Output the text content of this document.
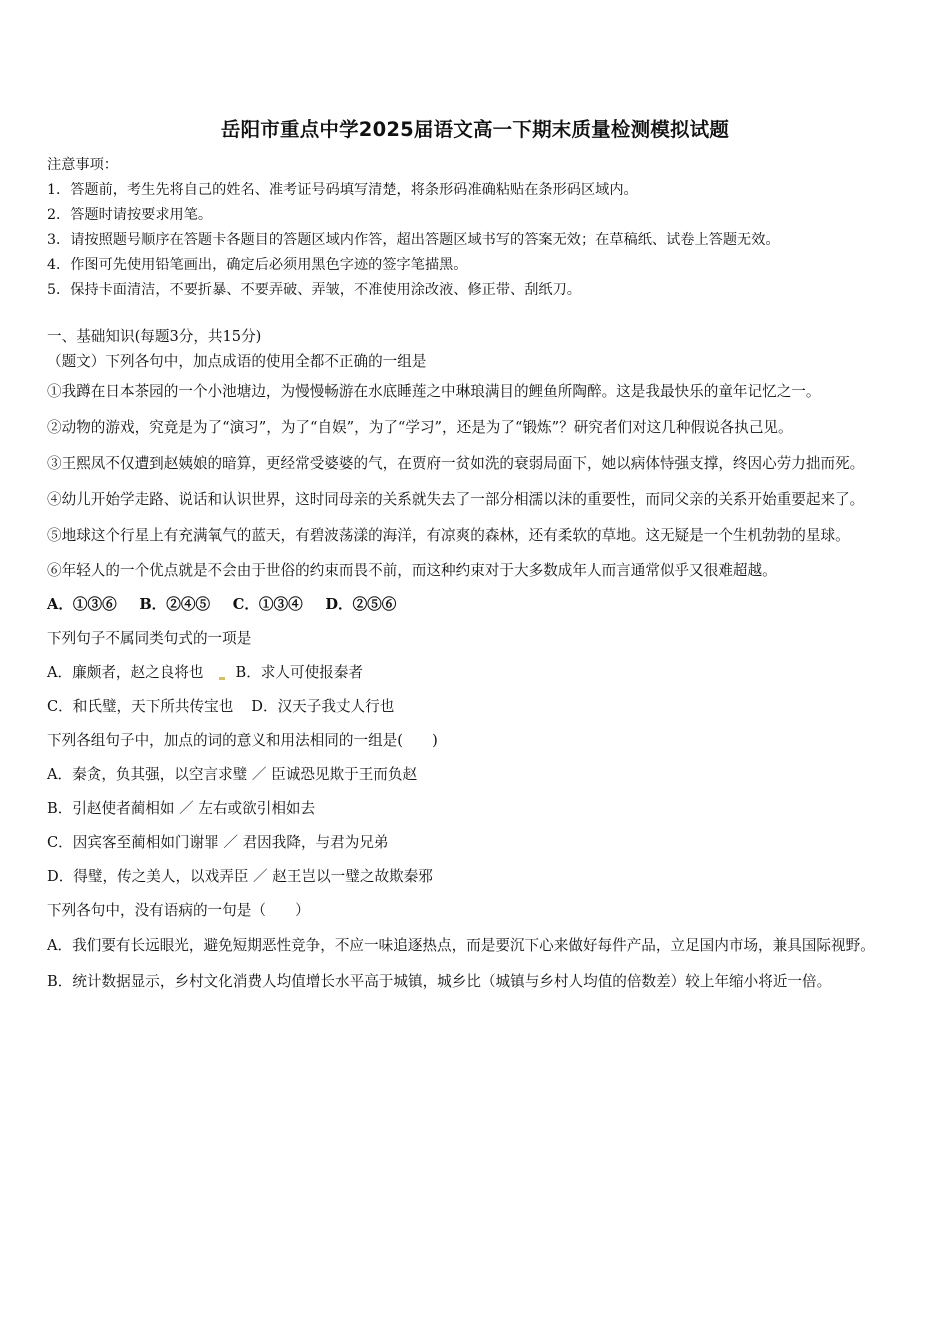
岳阳市重点中学2025届语文高一下期末质量检测模拟试题
注意事项：
1．答题前，考生先将自己的姓名、准考证号码填写清楚，将条形码准确粘贴在条形码区域内。
2．答题时请按要求用笔。
3．请按照题号顺序在答题卡各题目的答题区域内作答，超出答题区域书写的答案无效；在草稿纸、试卷上答题无效。
4．作图可先使用铅笔画出，确定后必须用黑色字迹的签字笔描黑。
5．保持卡面清洁，不要折暴、不要弄破、弄皱，不准使用涂改液、修正带、刮纸刀。
一、基础知识(每题3分，共15分)
（题文）下列各句中，加点成语的使用全都不正确的一组是
①我蹲在日本茶园的一个小池塘边，为慢慢畅游在水底睡莲之中琳琅满目的鲤鱼所陶醉。这是我最快乐的童年记忆之一。
②动物的游戏，究竟是为了“演习”，为了“自娱”，为了“学习”，还是为了“锻炼”？研究者们对这几种假说各执己见。
③王熙凤不仅遭到赵姨娘的暗算，更经常受婆婆的气，在贾府一贫如洗的衰弱局面下，她以病体恃强支撑，终因心劳力拙而死。
④幼儿开始学走路、说话和认识世界，这时同母亲的关系就失去了一部分相濡以沫的重要性，而同父亲的关系开始重要起来了。
⑤地球这个行星上有充满氧气的蓝天，有碧波荡漾的海洋，有凉爽的森林，还有柔软的草地。这无疑是一个生机勃勃的星球。
⑥年轻人的一个优点就是不会由于世俗的约束而畏不前，而这种约束对于大多数成年人而言通常似乎又很难超越。
A．①③⑥ B．②④⑤ C．①③④ D．②⑤⑥
下列句子不属同类句式的一项是
A．廉颇者，赵之良将也 B．求人可使报秦者
C．和氏璧，天下所共传宝也 D．汉天子我丈人行也
下列各组句子中，加点的词的意义和用法相同的一组是(　　)
A．秦贪，负其强，以空言求璧 ／ 臣诚恐见欺于王而负赵
B．引赵使者蔺相如 ／ 左右或欲引相如去
C．因宾客至蔺相如门谢罪 ／ 君因我降，与君为兄弟
D．得璧，传之美人，以戏弄臣 ／ 赵王岂以一璧之故欺秦邪
下列各句中，没有语病的一句是（　　）
A．我们要有长远眼光，避免短期恶性竞争，不应一味追逐热点，而是要沉下心来做好每件产品，立足国内市场，兼具国际视野。
B．统计数据显示，乡村文化消费人均值增长水平高于城镇，城乡比（城镇与乡村人均值的倍数差）较上年缩小将近一倍。
